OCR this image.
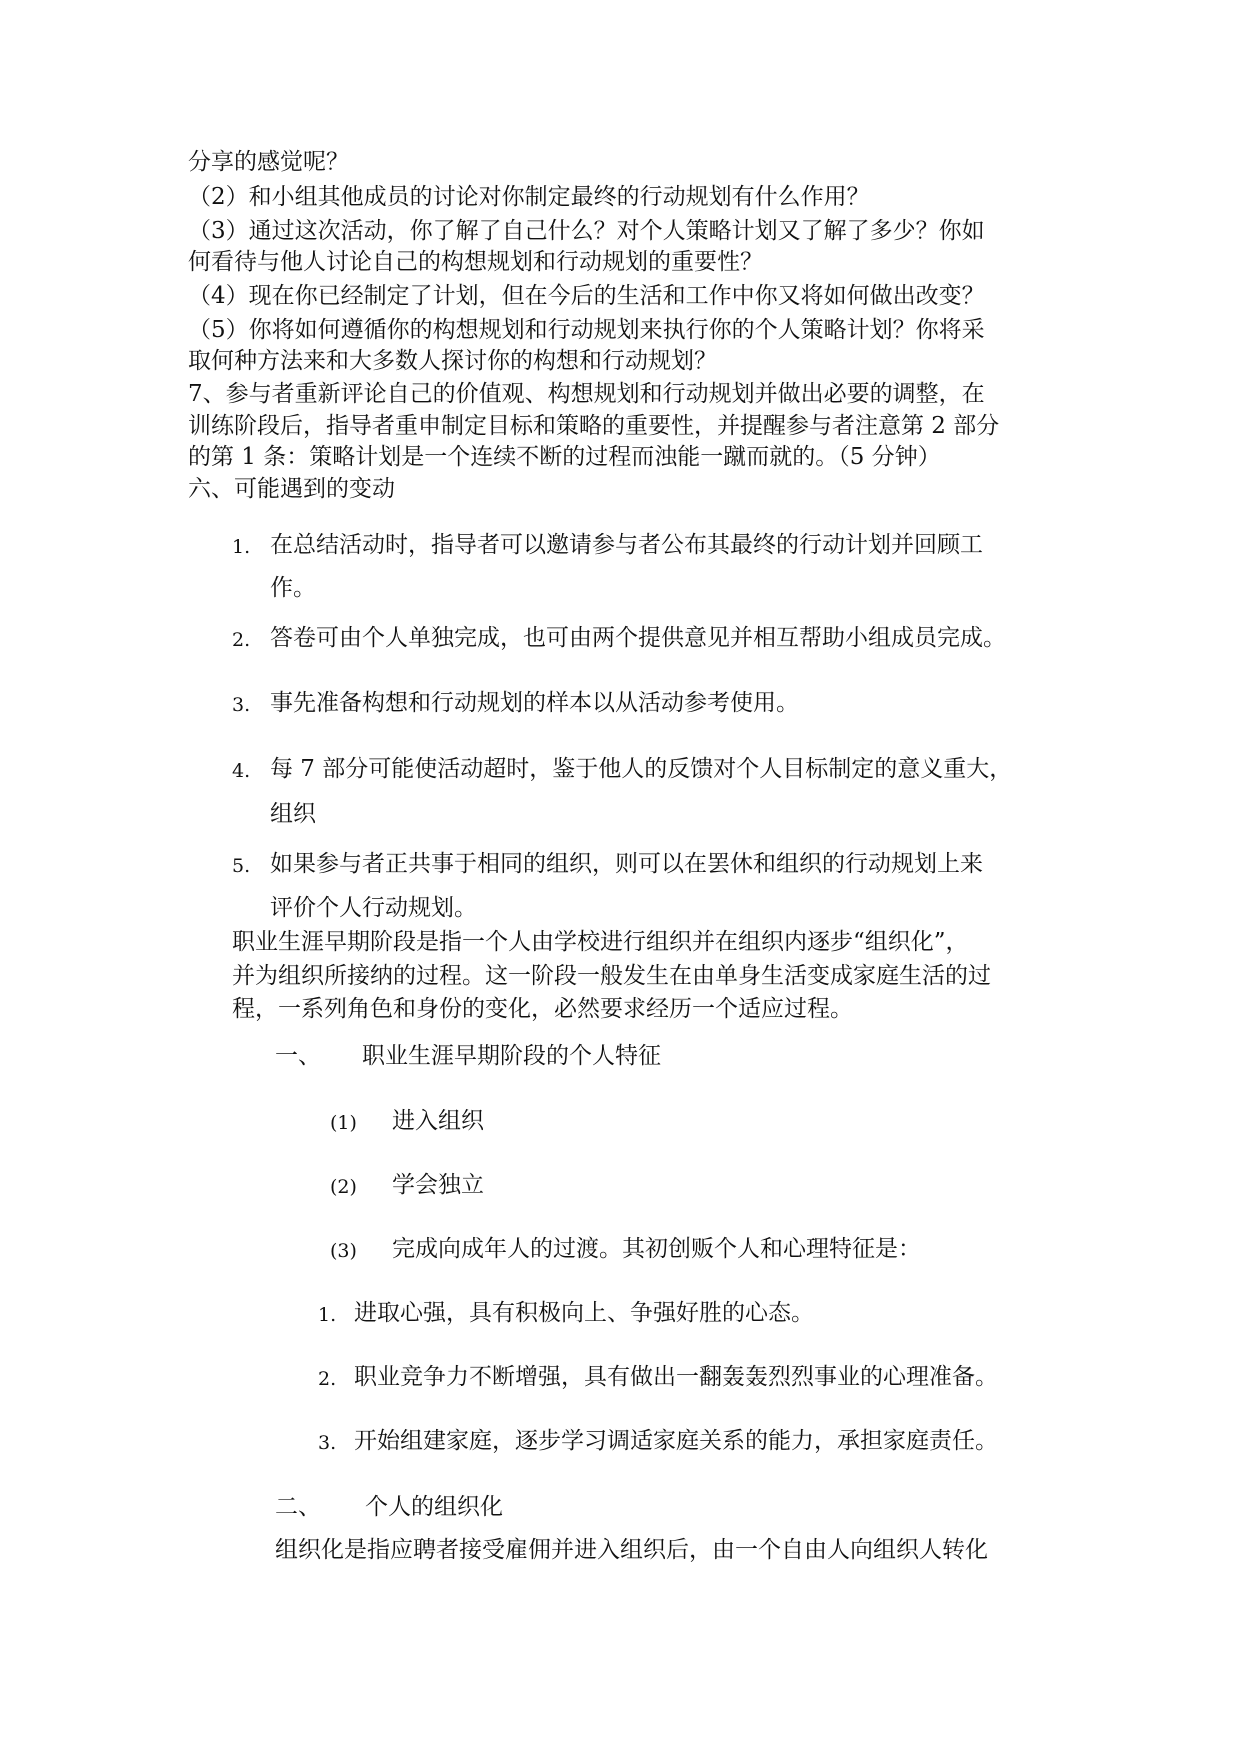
分享的感觉呢？
（2）和小组其他成员的讨论对你制定最终的行动规划有什么作用？
（3）通过这次活动，你了解了自己什么？对个人策略计划又了解了多少？你如
何看待与他人讨论自己的构想规划和行动规划的重要性？
（4）现在你已经制定了计划，但在今后的生活和工作中你又将如何做出改变？
（5）你将如何遵循你的构想规划和行动规划来执行你的个人策略计划？你将采
取何种方法来和大多数人探讨你的构想和行动规划？
7、参与者重新评论自己的价值观、构想规划和行动规划并做出必要的调整，在
训练阶段后，指导者重申制定目标和策略的重要性，并提醒参与者注意第 2 部分
的第 1 条：策略计划是一个连续不断的过程而浊能一蹴而就的。（5 分钟）
六、可能遇到的变动
1. 在总结活动时，指导者可以邀请参与者公布其最终的行动计划并回顾工
作。
2. 答卷可由个人单独完成，也可由两个提供意见并相互帮助小组成员完成。
3. 事先准备构想和行动规划的样本以从活动参考使用。
4. 每 7 部分可能使活动超时，鉴于他人的反馈对个人目标制定的意义重大，
组织
5. 如果参与者正共事于相同的组织，则可以在罢休和组织的行动规划上来
评价个人行动规划。
职业生涯早期阶段是指一个人由学校进行组织并在组织内逐步“组织化”，
并为组织所接纳的过程。这一阶段一般发生在由单身生活变成家庭生活的过
程，一系列角色和身份的变化，必然要求经历一个适应过程。
一、 职业生涯早期阶段的个人特征
(1) 进入组织
(2) 学会独立
(3) 完成向成年人的过渡。其初创贩个人和心理特征是：
1. 进取心强，具有积极向上、争强好胜的心态。
2. 职业竞争力不断增强，具有做出一翻轰轰烈烈事业的心理准备。
3. 开始组建家庭，逐步学习调适家庭关系的能力，承担家庭责任。
二、 个人的组织化
组织化是指应聘者接受雇佣并进入组织后，由一个自由人向组织人转化
